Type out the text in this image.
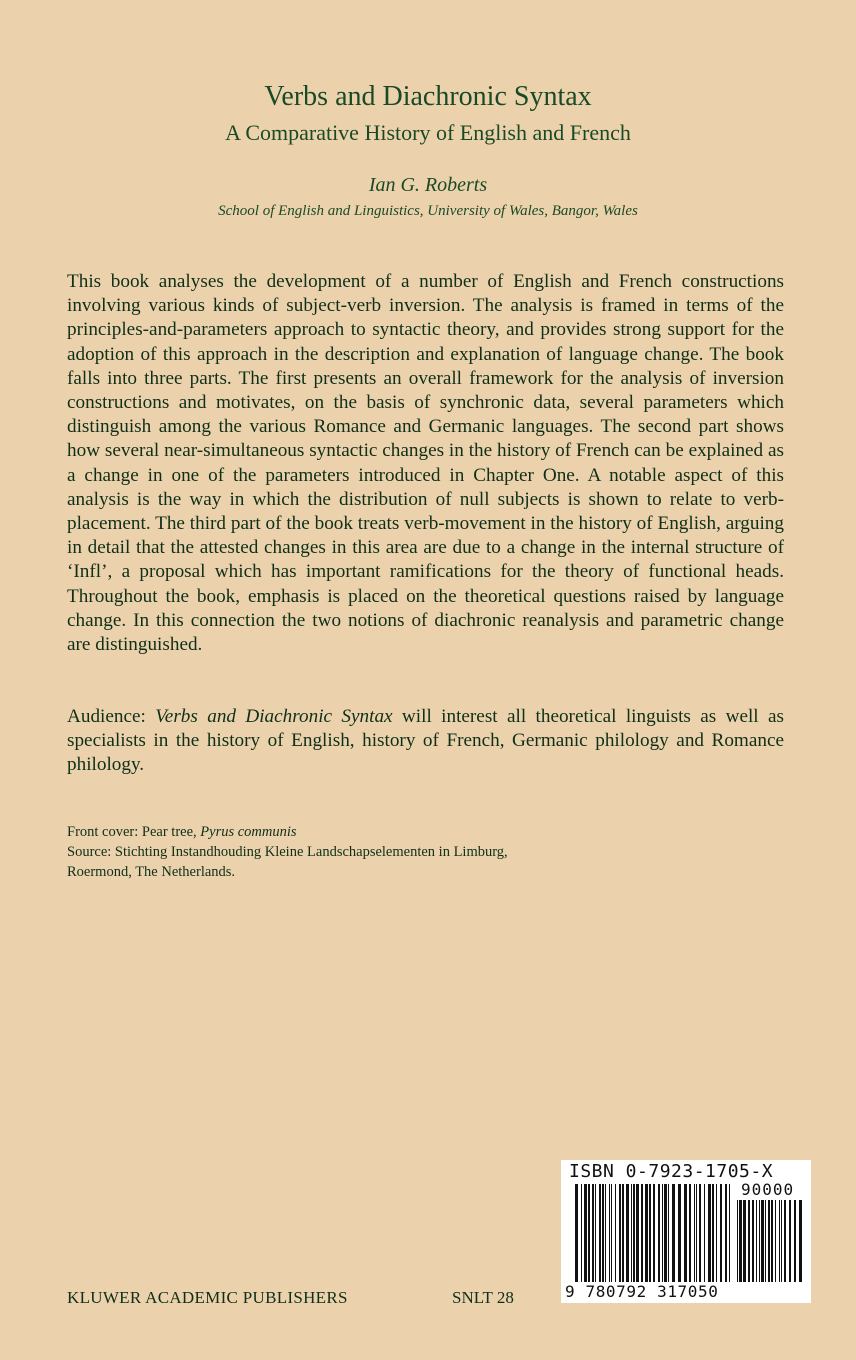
Verbs and Diachronic Syntax
A Comparative History of English and French
Ian G. Roberts
School of English and Linguistics, University of Wales, Bangor, Wales
This book analyses the development of a number of English and French constructions involving various kinds of subject-verb inversion. The analysis is framed in terms of the principles-and-parameters approach to syntactic theory, and provides strong support for the adoption of this approach in the description and explanation of language change. The book falls into three parts. The first presents an overall framework for the analysis of inversion constructions and motivates, on the basis of synchronic data, several parameters which distinguish among the various Romance and Germanic languages. The second part shows how several near-simultaneous syntactic changes in the history of French can be explained as a change in one of the parameters introduced in Chapter One. A notable aspect of this analysis is the way in which the distribution of null subjects is shown to relate to verb-placement. The third part of the book treats verb-movement in the history of English, arguing in detail that the attested changes in this area are due to a change in the internal structure of ‘Infl’, a proposal which has important ramifications for the theory of functional heads. Throughout the book, emphasis is placed on the theoretical questions raised by language change. In this connection the two notions of diachronic reanalysis and parametric change are distinguished.
Audience: Verbs and Diachronic Syntax will interest all theoretical linguists as well as specialists in the history of English, history of French, Germanic philology and Romance philology.
Front cover: Pear tree, Pyrus communis
Source: Stichting Instandhouding Kleine Landschapselementen in Limburg,
Roermond, The Netherlands.
KLUWER ACADEMIC PUBLISHERS	SNLT 28
ISBN 0-7923-1705-X
90000
9 780792 317050
